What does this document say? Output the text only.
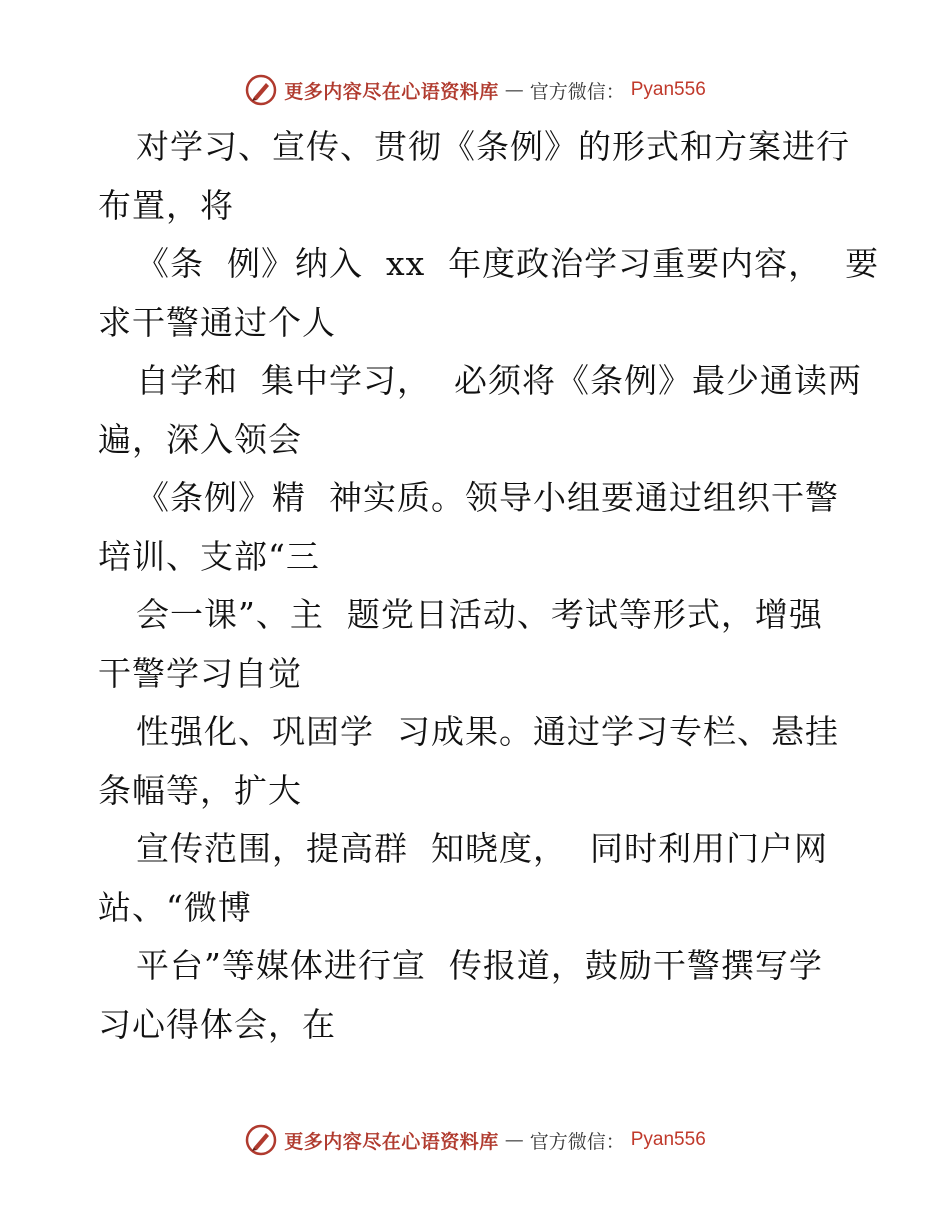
更多内容尽在心语资料库 — 官方微信： Pyan556
对学习、宣传、贯彻《条例》的形式和方案进行
布置，将
《条  例》纳入  xx  年度政治学习重要内容，  要
求干警通过个人
自学和  集中学习，  必须将《条例》最少通读两
遍，深入领会
《条例》精  神实质。领导小组要通过组织干警
培训、支部“三
会一课”、主  题党日活动、考试等形式，增强
干警学习自觉
性强化、巩固学  习成果。通过学习专栏、悬挂
条幅等，扩大
宣传范围，提高群  知晓度，  同时利用门户网
站、“微博
平台”等媒体进行宣  传报道，鼓励干警撰写学
习心得体会，在
更多内容尽在心语资料库 — 官方微信： Pyan556
